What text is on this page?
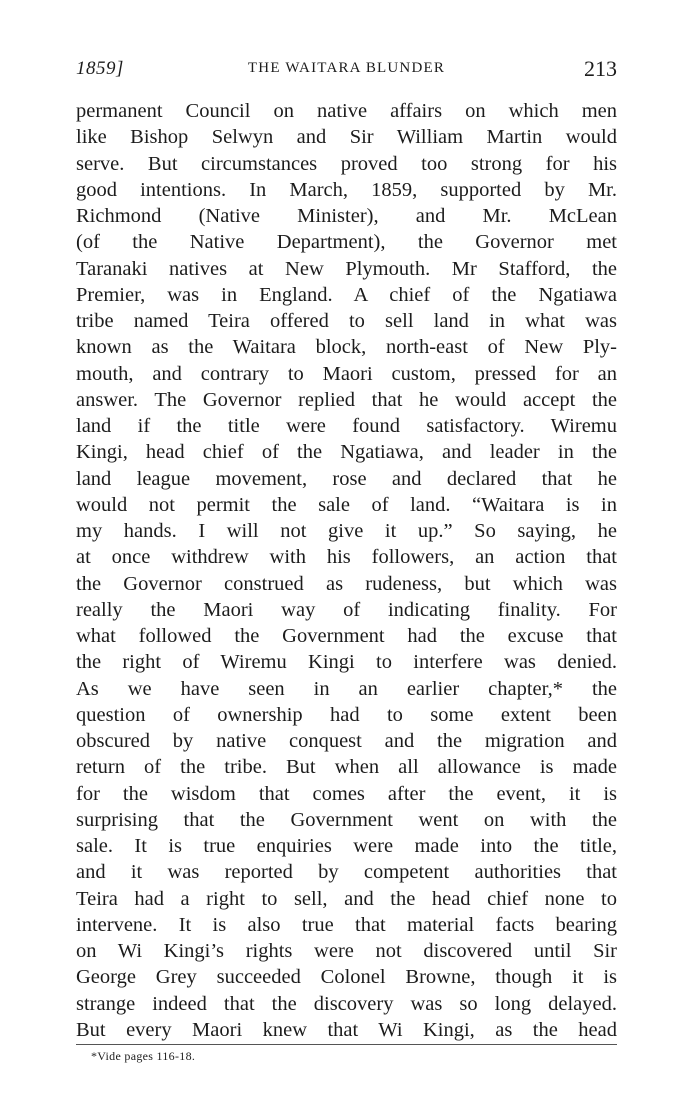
1859]	THE WAITARA BLUNDER	213
permanent Council on native affairs on which men
like Bishop Selwyn and Sir William Martin would
serve. But circumstances proved too strong for his
good intentions. In March, 1859, supported by Mr.
Richmond (Native Minister), and Mr. McLean
(of the Native Department), the Governor met
Taranaki natives at New Plymouth. Mr Stafford, the
Premier, was in England. A chief of the Ngatiawa
tribe named Teira offered to sell land in what was
known as the Waitara block, north-east of New Ply-
mouth, and contrary to Maori custom, pressed for an
answer. The Governor replied that he would accept the
land if the title were found satisfactory. Wiremu
Kingi, head chief of the Ngatiawa, and leader in the
land league movement, rose and declared that he
would not permit the sale of land. “Waitara is in
my hands. I will not give it up.” So saying, he
at once withdrew with his followers, an action that
the Governor construed as rudeness, but which was
really the Maori way of indicating finality. For
what followed the Government had the excuse that
the right of Wiremu Kingi to interfere was denied.
As we have seen in an earlier chapter,* the
question of ownership had to some extent been
obscured by native conquest and the migration and
return of the tribe. But when all allowance is made
for the wisdom that comes after the event, it is
surprising that the Government went on with the
sale. It is true enquiries were made into the title,
and it was reported by competent authorities that
Teira had a right to sell, and the head chief none to
intervene. It is also true that material facts bearing
on Wi Kingi’s rights were not discovered until Sir
George Grey succeeded Colonel Browne, though it is
strange indeed that the discovery was so long delayed.
But every Maori knew that Wi Kingi, as the head
*Vide pages 116-18.
